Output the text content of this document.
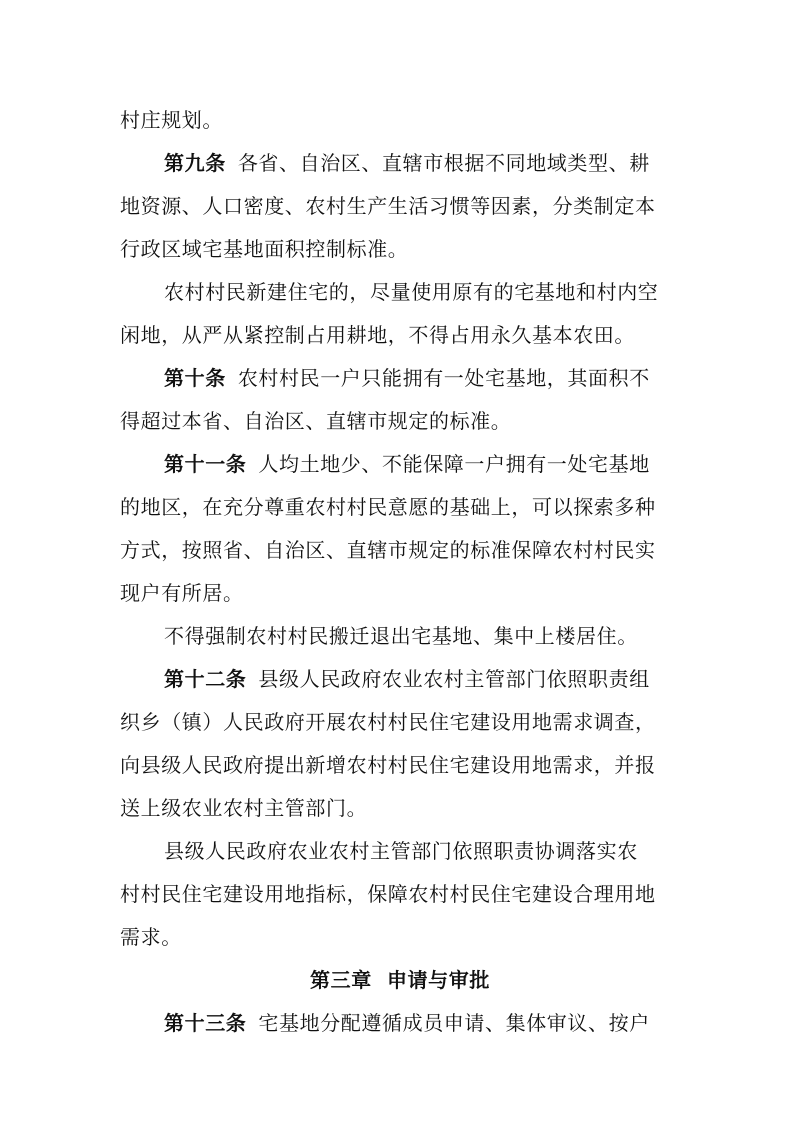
村庄规划。
第九条 各省、自治区、直辖市根据不同地域类型、耕
地资源、人口密度、农村生产生活习惯等因素，分类制定本
行政区域宅基地面积控制标准。
农村村民新建住宅的，尽量使用原有的宅基地和村内空
闲地，从严从紧控制占用耕地，不得占用永久基本农田。
第十条 农村村民一户只能拥有一处宅基地，其面积不
得超过本省、自治区、直辖市规定的标准。
第十一条 人均土地少、不能保障一户拥有一处宅基地
的地区，在充分尊重农村村民意愿的基础上，可以探索多种
方式，按照省、自治区、直辖市规定的标准保障农村村民实
现户有所居。
不得强制农村村民搬迁退出宅基地、集中上楼居住。
第十二条 县级人民政府农业农村主管部门依照职责组
织乡（镇）人民政府开展农村村民住宅建设用地需求调查，
向县级人民政府提出新增农村村民住宅建设用地需求，并报
送上级农业农村主管部门。
县级人民政府农业农村主管部门依照职责协调落实农
村村民住宅建设用地指标，保障农村村民住宅建设合理用地
需求。
第三章  申请与审批
第十三条 宅基地分配遵循成员申请、集体审议、按户
